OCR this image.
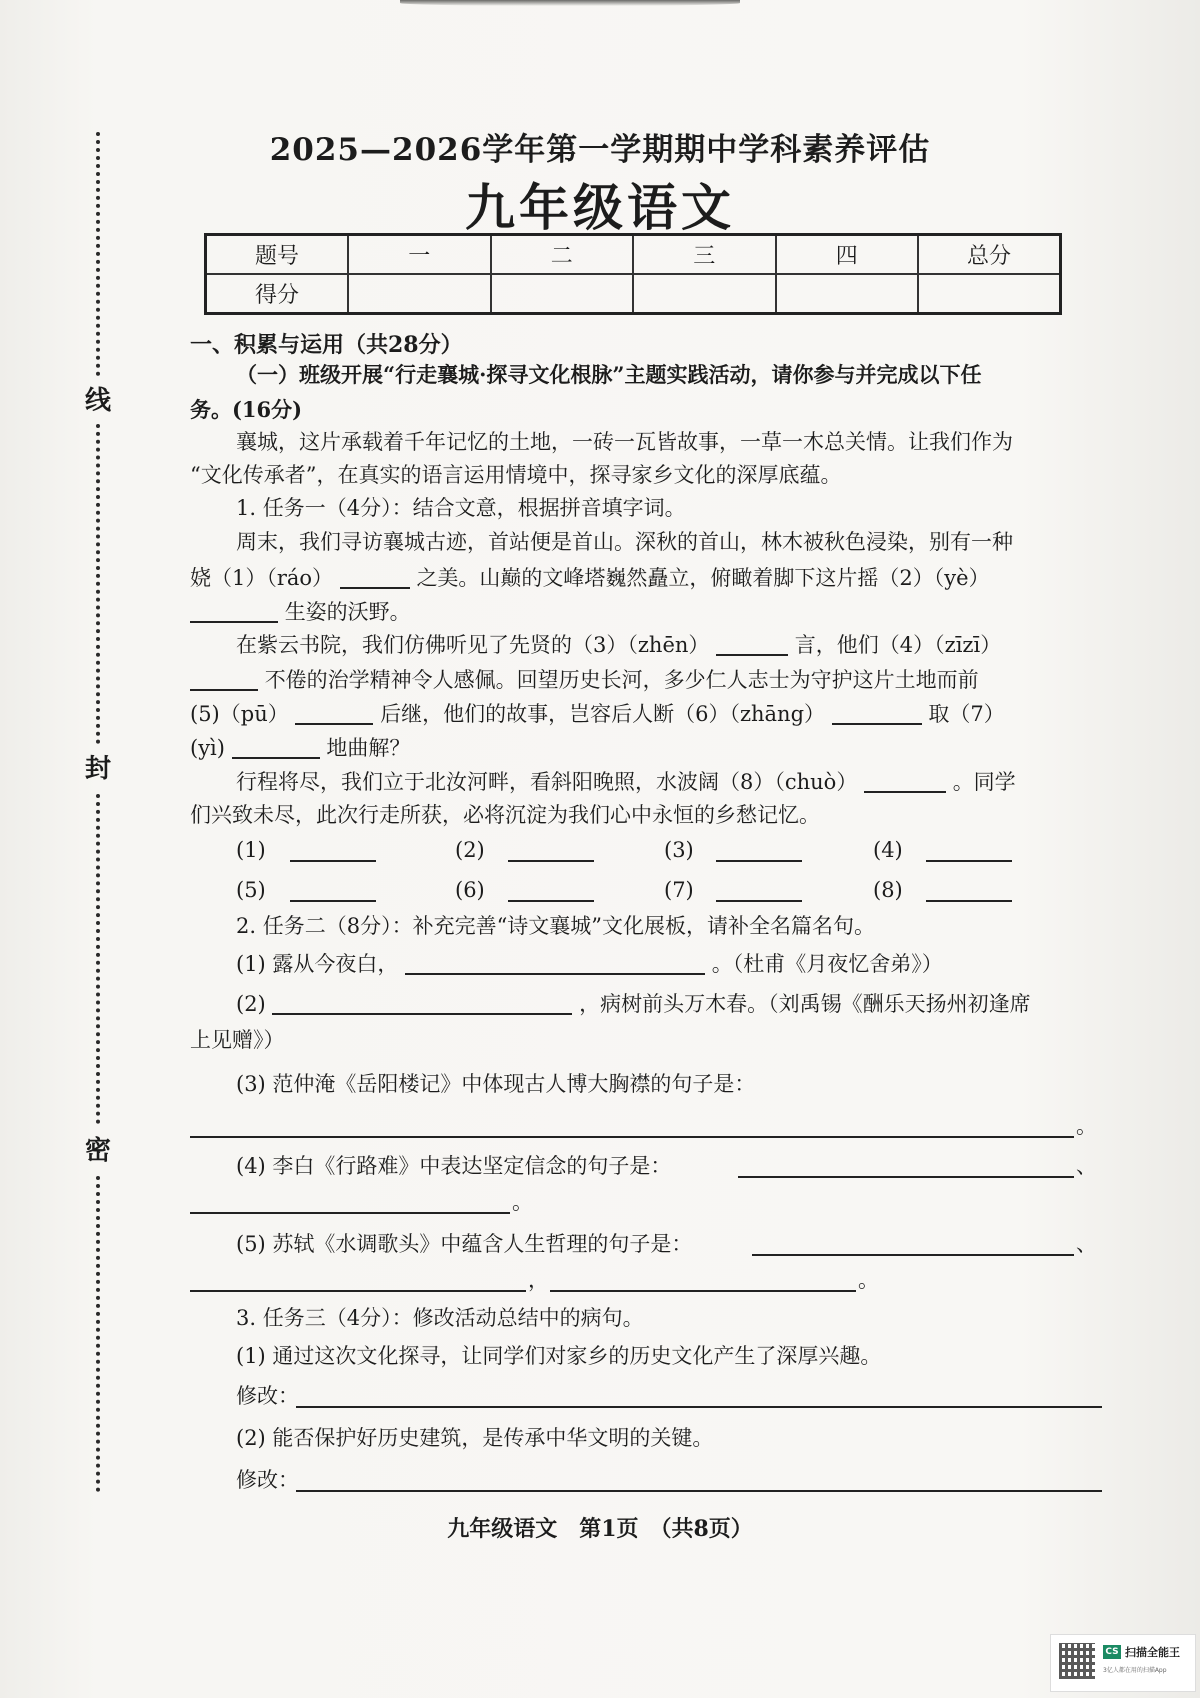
线
封
密
2025—2026学年第一学期期中学科素养评估
九年级语文
题号	一	二	三	四	总分
得分					
一、积累与运用（共28分）
（一）班级开展“行走襄城·探寻文化根脉”主题实践活动，请你参与并完成以下任
务。(16分)
襄城，这片承载着千年记忆的土地，一砖一瓦皆故事，一草一木总关情。让我们作为
“文化传承者”，在真实的语言运用情境中，探寻家乡文化的深厚底蕴。
1. 任务一（4分）：结合文意，根据拼音填字词。
周末，我们寻访襄城古迹，首站便是首山。深秋的首山，林木被秋色浸染，别有一种
娆（1）（ráo）	之美。山巅的文峰塔巍然矗立，俯瞰着脚下这片摇（2）（yè）
生姿的沃野。
在紫云书院，我们仿佛听见了先贤的（3）（zhēn）	言，他们（4）（zīzī）
不倦的治学精神令人感佩。回望历史长河，多少仁人志士为守护这片土地而前
(5)（pū）	后继，他们的故事，岂容后人断（6）（zhāng）	取（7）
(yì)	地曲解？
行程将尽，我们立于北汝河畔，看斜阳晚照，水波阔（8）（chuò）	。同学
们兴致未尽，此次行走所获，必将沉淀为我们心中永恒的乡愁记忆。
(1)	(2)	(3)	(4)
(5)	(6)	(7)	(8)
2. 任务二（8分）：补充完善“诗文襄城”文化展板，请补全名篇名句。
(1) 露从今夜白，	。（杜甫《月夜忆舍弟》）
(2)	，病树前头万木春。（刘禹锡《酬乐天扬州初逢席
上见赠》）
(3) 范仲淹《岳阳楼记》中体现古人博大胸襟的句子是：
。
(4) 李白《行路难》中表达坚定信念的句子是：	、
。
(5) 苏轼《水调歌头》中蕴含人生哲理的句子是：	、
，	。
3. 任务三（4分）：修改活动总结中的病句。
(1) 通过这次文化探寻，让同学们对家乡的历史文化产生了深厚兴趣。
修改：
(2) 能否保护好历史建筑，是传承中华文明的关键。
修改：
九年级语文　第1页　（共8页）
CS 扫描全能王
3亿人都在用的扫描App
